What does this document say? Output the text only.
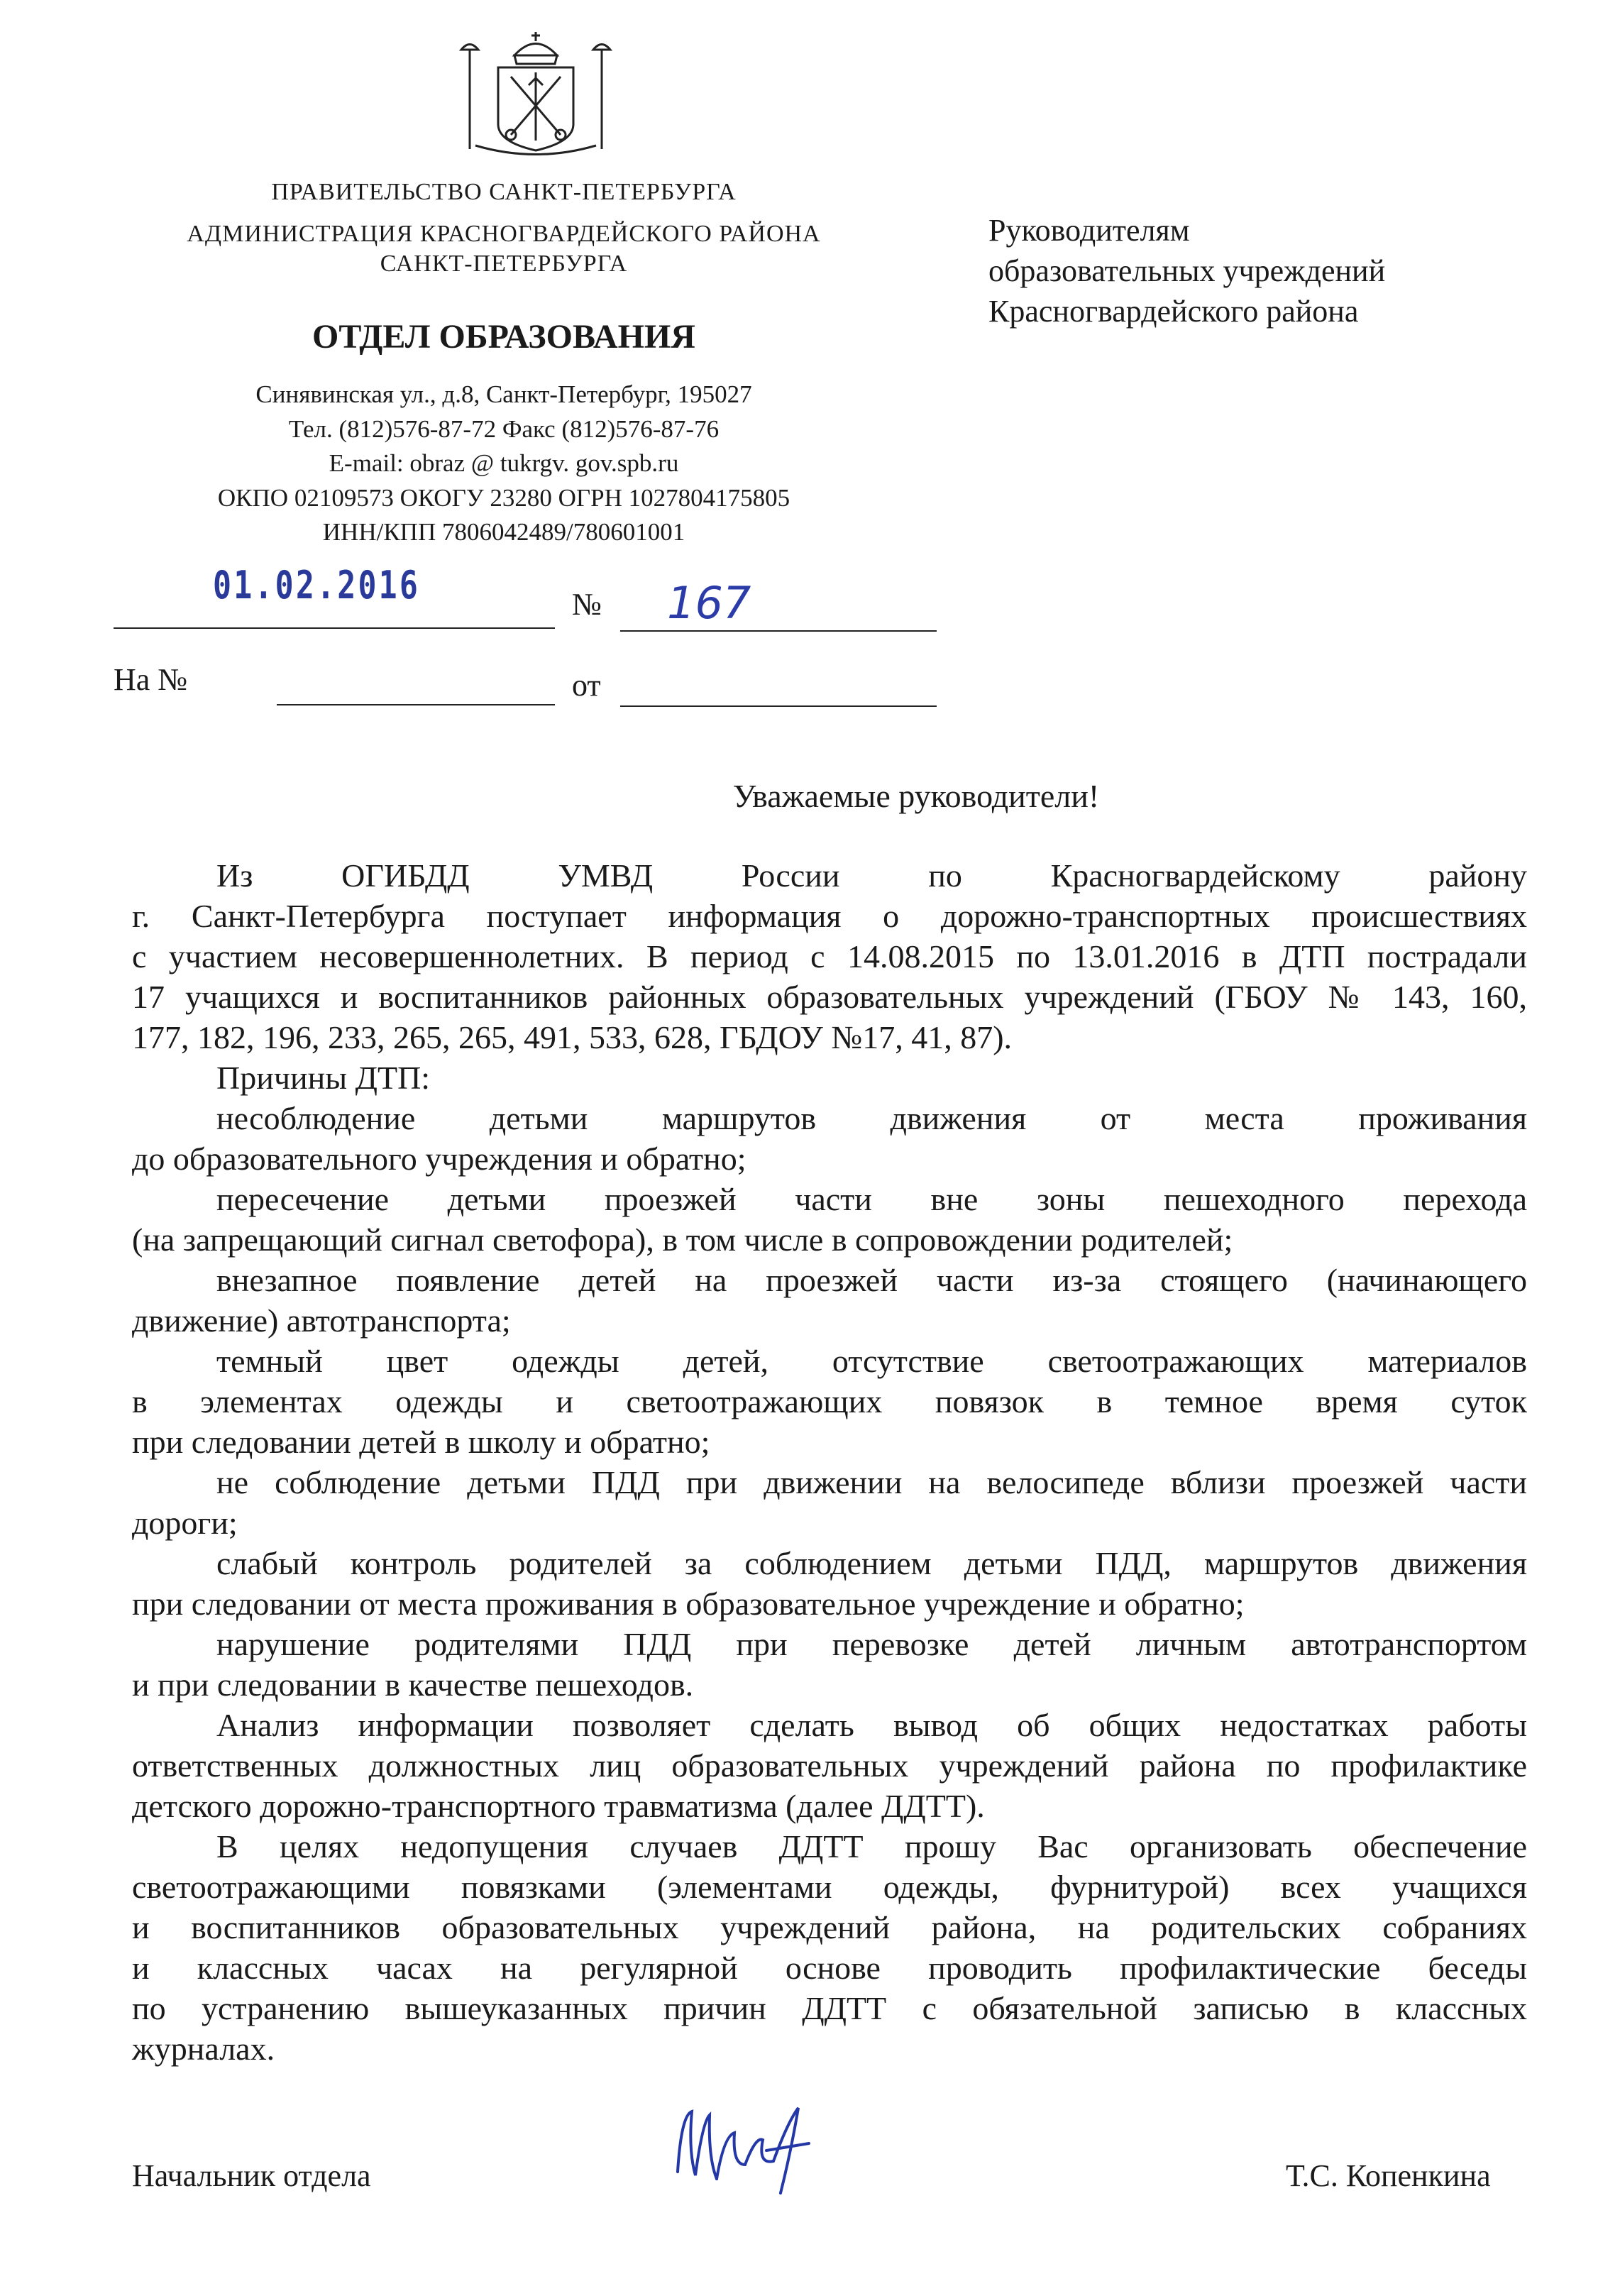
ПРАВИТЕЛЬСТВО САНКТ-ПЕТЕРБУРГА
АДМИНИСТРАЦИЯ КРАСНОГВАРДЕЙСКОГО РАЙОНА
САНКТ-ПЕТЕРБУРГА
ОТДЕЛ ОБРАЗОВАНИЯ
Синявинская ул., д.8, Санкт-Петербург, 195027
Тел. (812)576-87-72 Факс (812)576-87-76
E-mail: obraz @ tukrgv. gov.spb.ru
ОКПО 02109573 ОКОГУ 23280 ОГРН 1027804175805
ИНН/КПП 7806042489/780601001
Руководителям
образовательных учреждений
Красногвардейского района
01.02.2016	№ 167
На №	от
Уважаемые руководители!
Из ОГИБДД УМВД России по Красногвардейскому району
г. Санкт-Петербурга поступает информация о дорожно-транспортных происшествиях
с участием несовершеннолетних. В период с 14.08.2015 по 13.01.2016 в ДТП пострадали
17 учащихся и воспитанников районных образовательных учреждений (ГБОУ № 143, 160,
177, 182, 196, 233, 265, 265, 491, 533, 628, ГБДОУ №17, 41, 87).
Причины ДТП:
несоблюдение детьми маршрутов движения от места проживания
до образовательного учреждения и обратно;
пересечение детьми проезжей части вне зоны пешеходного перехода
(на запрещающий сигнал светофора), в том числе в сопровождении родителей;
внезапное появление детей на проезжей части из-за стоящего (начинающего
движение) автотранспорта;
темный цвет одежды детей, отсутствие светоотражающих материалов
в элементах одежды и светоотражающих повязок в темное время суток
при следовании детей в школу и обратно;
не соблюдение детьми ПДД при движении на велосипеде вблизи проезжей части
дороги;
слабый контроль родителей за соблюдением детьми ПДД, маршрутов движения
при следовании от места проживания в образовательное учреждение и обратно;
нарушение родителями ПДД при перевозке детей личным автотранспортом
и при следовании в качестве пешеходов.
Анализ информации позволяет сделать вывод об общих недостатках работы
ответственных должностных лиц образовательных учреждений района по профилактике
детского дорожно-транспортного травматизма (далее ДДТТ).
В целях недопущения случаев ДДТТ прошу Вас организовать обеспечение
светоотражающими повязками (элементами одежды, фурнитурой) всех учащихся
и воспитанников образовательных учреждений района, на родительских собраниях
и классных часах на регулярной основе проводить профилактические беседы
по устранению вышеуказанных причин ДДТТ с обязательной записью в классных
журналах.
Начальник отдела	Т.С. Копенкина
